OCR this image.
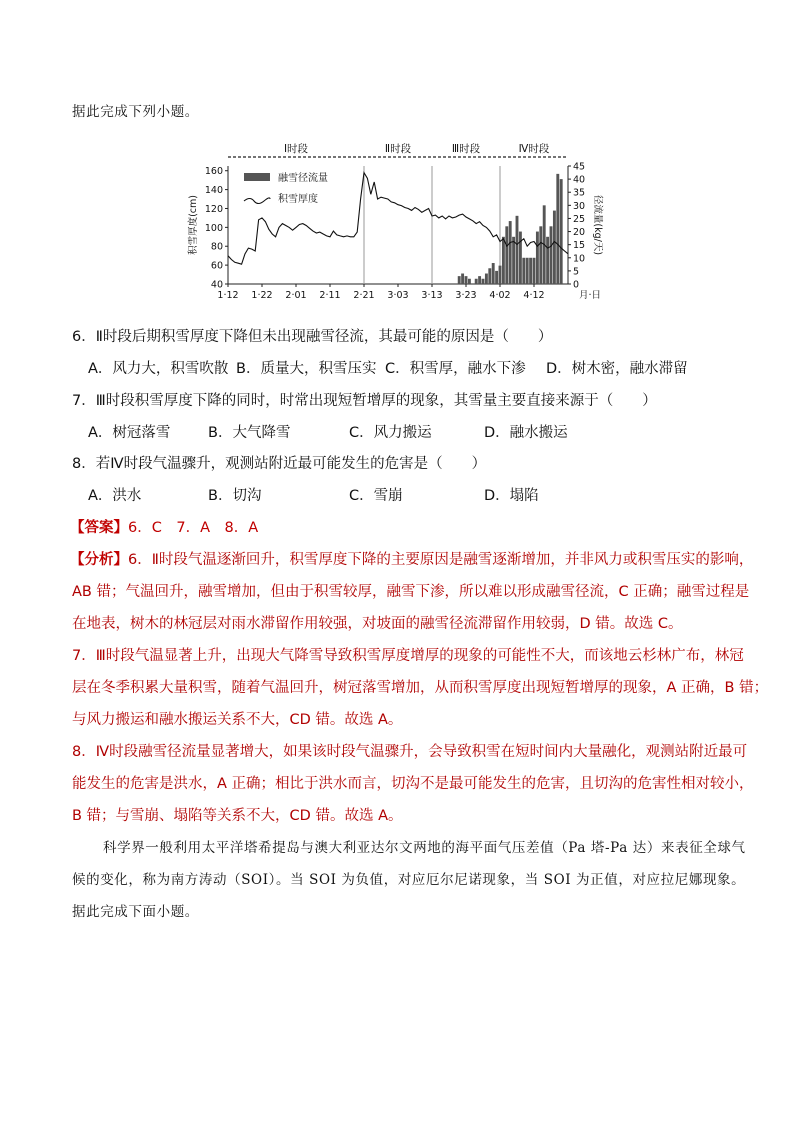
据此完成下列小题。
Ⅰ时段	Ⅱ时段	Ⅲ时段	Ⅳ时段
40
60
80
100
120
140
160
0
5
10
15
20
25
30
35
40
45
1·12 1·22 2·01 2·11 2·21 3·03 3·13 3·23 4·02 4·12	月·日
积雪厚度(cm)	径流量(kg/天)
融雪径流量
积雪厚度
6．Ⅱ时段后期积雪厚度下降但未出现融雪径流，其最可能的原因是（　　）
A．风力大，积雪吹散 B．质量大，积雪压实 C．积雪厚，融水下渗 D．树木密，融水滞留
7．Ⅲ时段积雪厚度下降的同时，时常出现短暂增厚的现象，其雪量主要直接来源于（　　）
A．树冠落雪	B．大气降雪	C．风力搬运	D．融水搬运
8．若Ⅳ时段气温骤升，观测站附近最可能发生的危害是（　　）
A．洪水	B．切沟	C．雪崩	D．塌陷
【答案】6．C　7．A　8．A
【分析】6．Ⅱ时段气温逐渐回升，积雪厚度下降的主要原因是融雪逐渐增加，并非风力或积雪压实的影响，
AB 错；气温回升，融雪增加，但由于积雪较厚，融雪下渗，所以难以形成融雪径流，C 正确；融雪过程是
在地表，树木的林冠层对雨水滞留作用较强，对坡面的融雪径流滞留作用较弱，D 错。故选 C。
7．Ⅲ时段气温显著上升，出现大气降雪导致积雪厚度增厚的现象的可能性不大，而该地云杉林广布，林冠
层在冬季积累大量积雪，随着气温回升，树冠落雪增加，从而积雪厚度出现短暂增厚的现象，A 正确，B 错；
与风力搬运和融水搬运关系不大，CD 错。故选 A。
8．Ⅳ时段融雪径流量显著增大，如果该时段气温骤升，会导致积雪在短时间内大量融化，观测站附近最可
能发生的危害是洪水，A 正确；相比于洪水而言，切沟不是最可能发生的危害，且切沟的危害性相对较小，
B 错；与雪崩、塌陷等关系不大，CD 错。故选 A。
科学界一般利用太平洋塔希提岛与澳大利亚达尔文两地的海平面气压差值（Pa 塔-Pa 达）来表征全球气
候的变化，称为南方涛动（SOI）。当 SOI 为负值，对应厄尔尼诺现象，当 SOI 为正值，对应拉尼娜现象。
据此完成下面小题。
